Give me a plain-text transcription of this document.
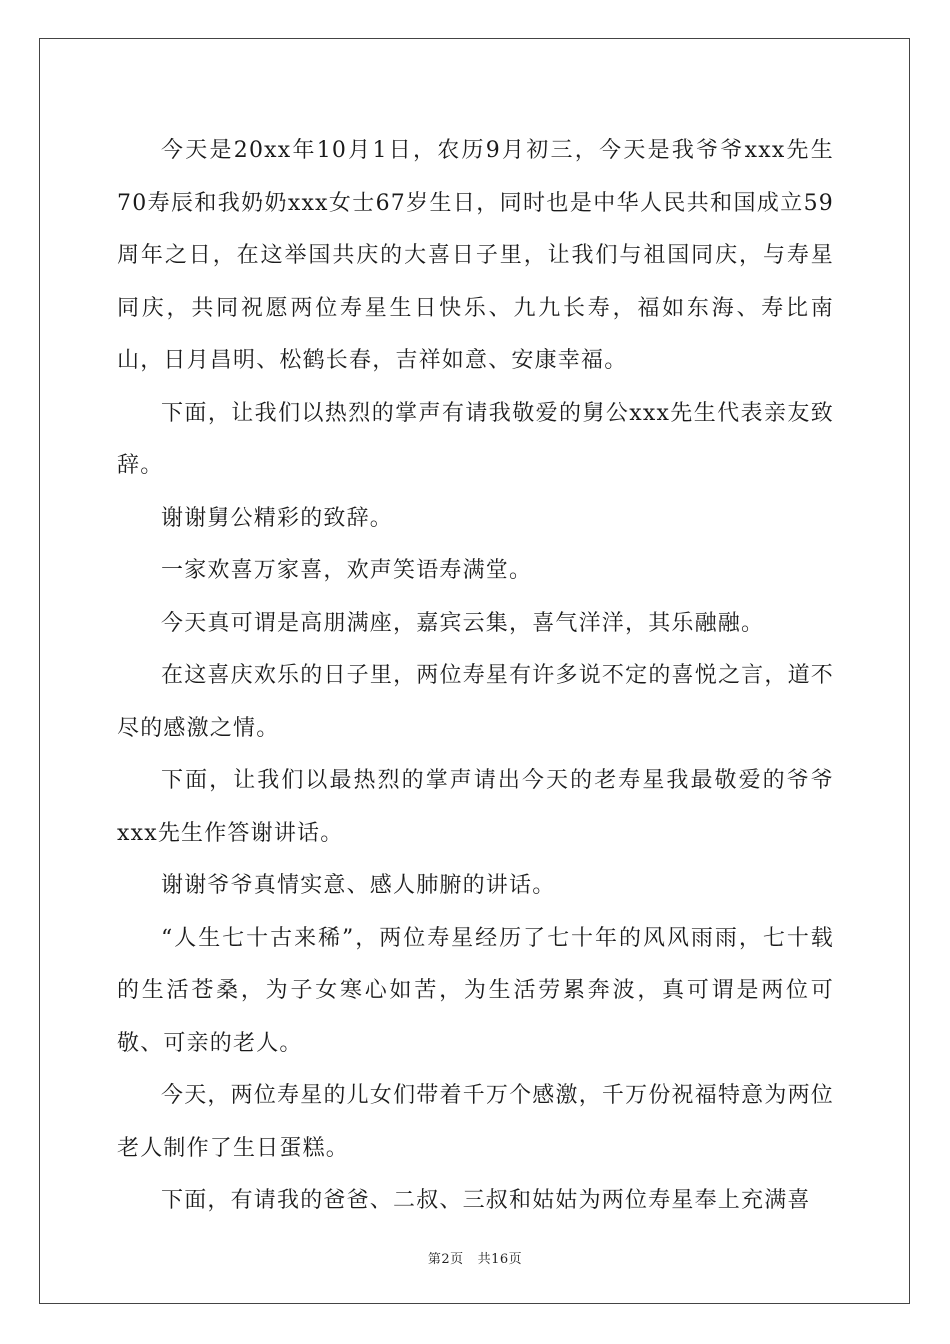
今天是20xx年10月1日，农历9月初三，今天是我爷爷xxx先生70寿辰和我奶奶xxx女士67岁生日，同时也是中华人民共和国成立59周年之日，在这举国共庆的大喜日子里，让我们与祖国同庆，与寿星同庆，共同祝愿两位寿星生日快乐、九九长寿，福如东海、寿比南山，日月昌明、松鹤长春，吉祥如意、安康幸福。

下面，让我们以热烈的掌声有请我敬爱的舅公xxx先生代表亲友致辞。

谢谢舅公精彩的致辞。

一家欢喜万家喜，欢声笑语寿满堂。

今天真可谓是高朋满座，嘉宾云集，喜气洋洋，其乐融融。

在这喜庆欢乐的日子里，两位寿星有许多说不定的喜悦之言，道不尽的感激之情。

下面，让我们以最热烈的掌声请出今天的老寿星我最敬爱的爷爷xxx先生作答谢讲话。

谢谢爷爷真情实意、感人肺腑的讲话。

“人生七十古来稀”，两位寿星经历了七十年的风风雨雨，七十载的生活苍桑，为子女寒心如苦，为生活劳累奔波，真可谓是两位可敬、可亲的老人。

今天，两位寿星的儿女们带着千万个感激，千万份祝福特意为两位老人制作了生日蛋糕。

下面，有请我的爸爸、二叔、三叔和姑姑为两位寿星奉上充满喜

第2页 共16页
